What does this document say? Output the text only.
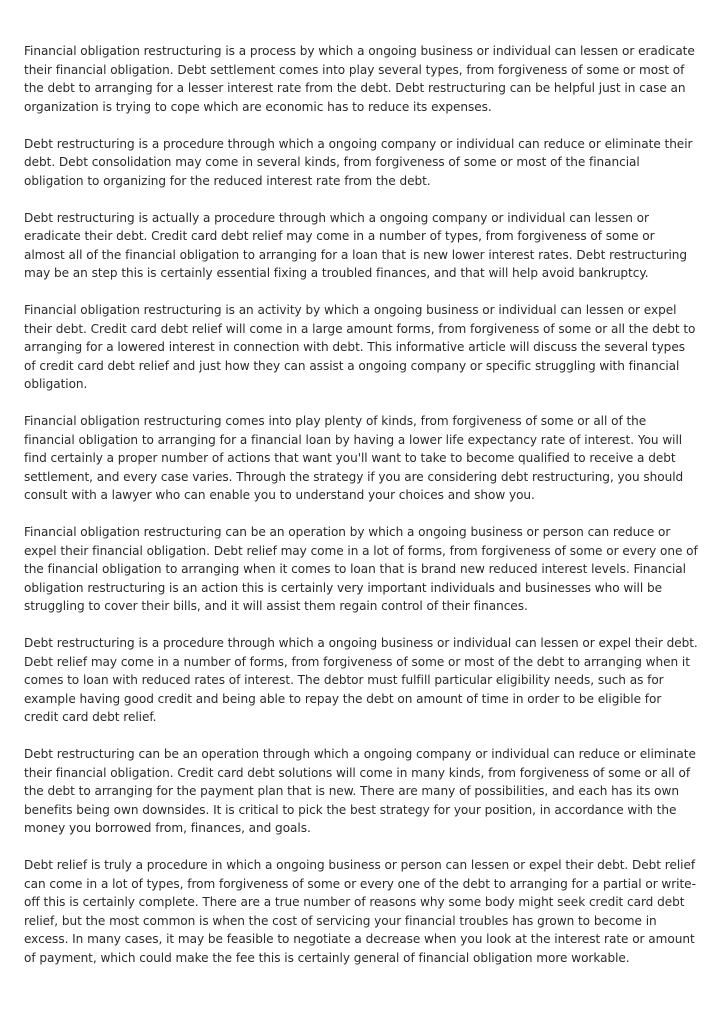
Financial obligation restructuring is a process by which a ongoing business or individual can lessen or eradicate their financial obligation. Debt settlement comes into play several types, from forgiveness of some or most of the debt to arranging for a lesser interest rate from the debt. Debt restructuring can be helpful just in case an organization is trying to cope which are economic has to reduce its expenses.

Debt restructuring is a procedure through which a ongoing company or individual can reduce or eliminate their debt. Debt consolidation may come in several kinds, from forgiveness of some or most of the financial obligation to organizing for the reduced interest rate from the debt.

Debt restructuring is actually a procedure through which a ongoing company or individual can lessen or eradicate their debt. Credit card debt relief may come in a number of types, from forgiveness of some or almost all of the financial obligation to arranging for a loan that is new lower interest rates. Debt restructuring may be an step this is certainly essential fixing a troubled finances, and that will help avoid bankruptcy.

Financial obligation restructuring is an activity by which a ongoing business or individual can lessen or expel their debt. Credit card debt relief will come in a large amount forms, from forgiveness of some or all the debt to arranging for a lowered interest in connection with debt. This informative article will discuss the several types of credit card debt relief and just how they can assist a ongoing company or specific struggling with financial obligation.

Financial obligation restructuring comes into play plenty of kinds, from forgiveness of some or all of the financial obligation to arranging for a financial loan by having a lower life expectancy rate of interest. You will find certainly a proper number of actions that want you'll want to take to become qualified to receive a debt settlement, and every case varies. Through the strategy if you are considering debt restructuring, you should consult with a lawyer who can enable you to understand your choices and show you.

Financial obligation restructuring can be an operation by which a ongoing business or person can reduce or expel their financial obligation. Debt relief may come in a lot of forms, from forgiveness of some or every one of the financial obligation to arranging when it comes to loan that is brand new reduced interest levels. Financial obligation restructuring is an action this is certainly very important individuals and businesses who will be struggling to cover their bills, and it will assist them regain control of their finances.

Debt restructuring is a procedure through which a ongoing business or individual can lessen or expel their debt. Debt relief may come in a number of forms, from forgiveness of some or most of the debt to arranging when it comes to loan with reduced rates of interest. The debtor must fulfill particular eligibility needs, such as for example having good credit and being able to repay the debt on amount of time in order to be eligible for credit card debt relief.

Debt restructuring can be an operation through which a ongoing company or individual can reduce or eliminate their financial obligation. Credit card debt solutions will come in many kinds, from forgiveness of some or all of the debt to arranging for the payment plan that is new. There are many of possibilities, and each has its own benefits being own downsides. It is critical to pick the best strategy for your position, in accordance with the money you borrowed from, finances, and goals.

Debt relief is truly a procedure in which a ongoing business or person can lessen or expel their debt. Debt relief can come in a lot of types, from forgiveness of some or every one of the debt to arranging for a partial or write-off this is certainly complete. There are a true number of reasons why some body might seek credit card debt relief, but the most common is when the cost of servicing your financial troubles has grown to become in excess. In many cases, it may be feasible to negotiate a decrease when you look at the interest rate or amount of payment, which could make the fee this is certainly general of financial obligation more workable.
